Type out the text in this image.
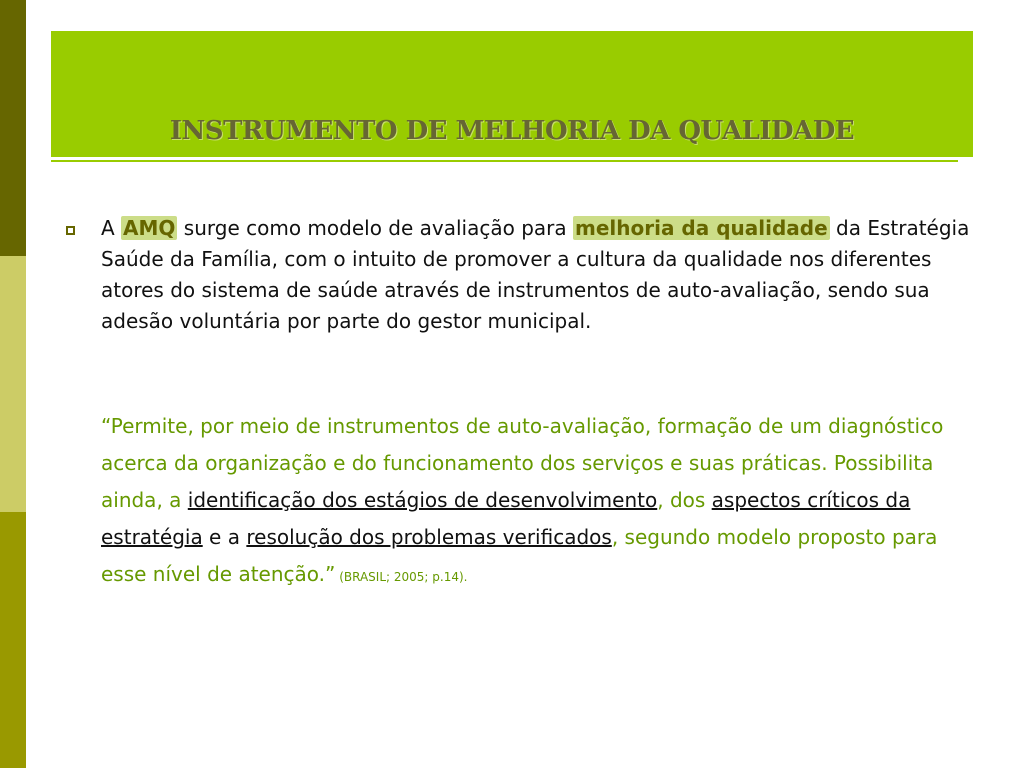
INSTRUMENTO DE MELHORIA DA QUALIDADE

A AMQ surge como modelo de avaliação para melhoria da qualidade da Estratégia Saúde da Família, com o intuito de promover a cultura da qualidade nos diferentes atores do sistema de saúde através de instrumentos de auto-avaliação, sendo sua adesão voluntária por parte do gestor municipal.

“Permite, por meio de instrumentos de auto-avaliação, formação de um diagnóstico acerca da organização e do funcionamento dos serviços e suas práticas. Possibilita ainda, a identificação dos estágios de desenvolvimento, dos aspectos críticos da estratégia e a resolução dos problemas verificados, segundo modelo proposto para esse nível de atenção.” (BRASIL; 2005; p.14).
